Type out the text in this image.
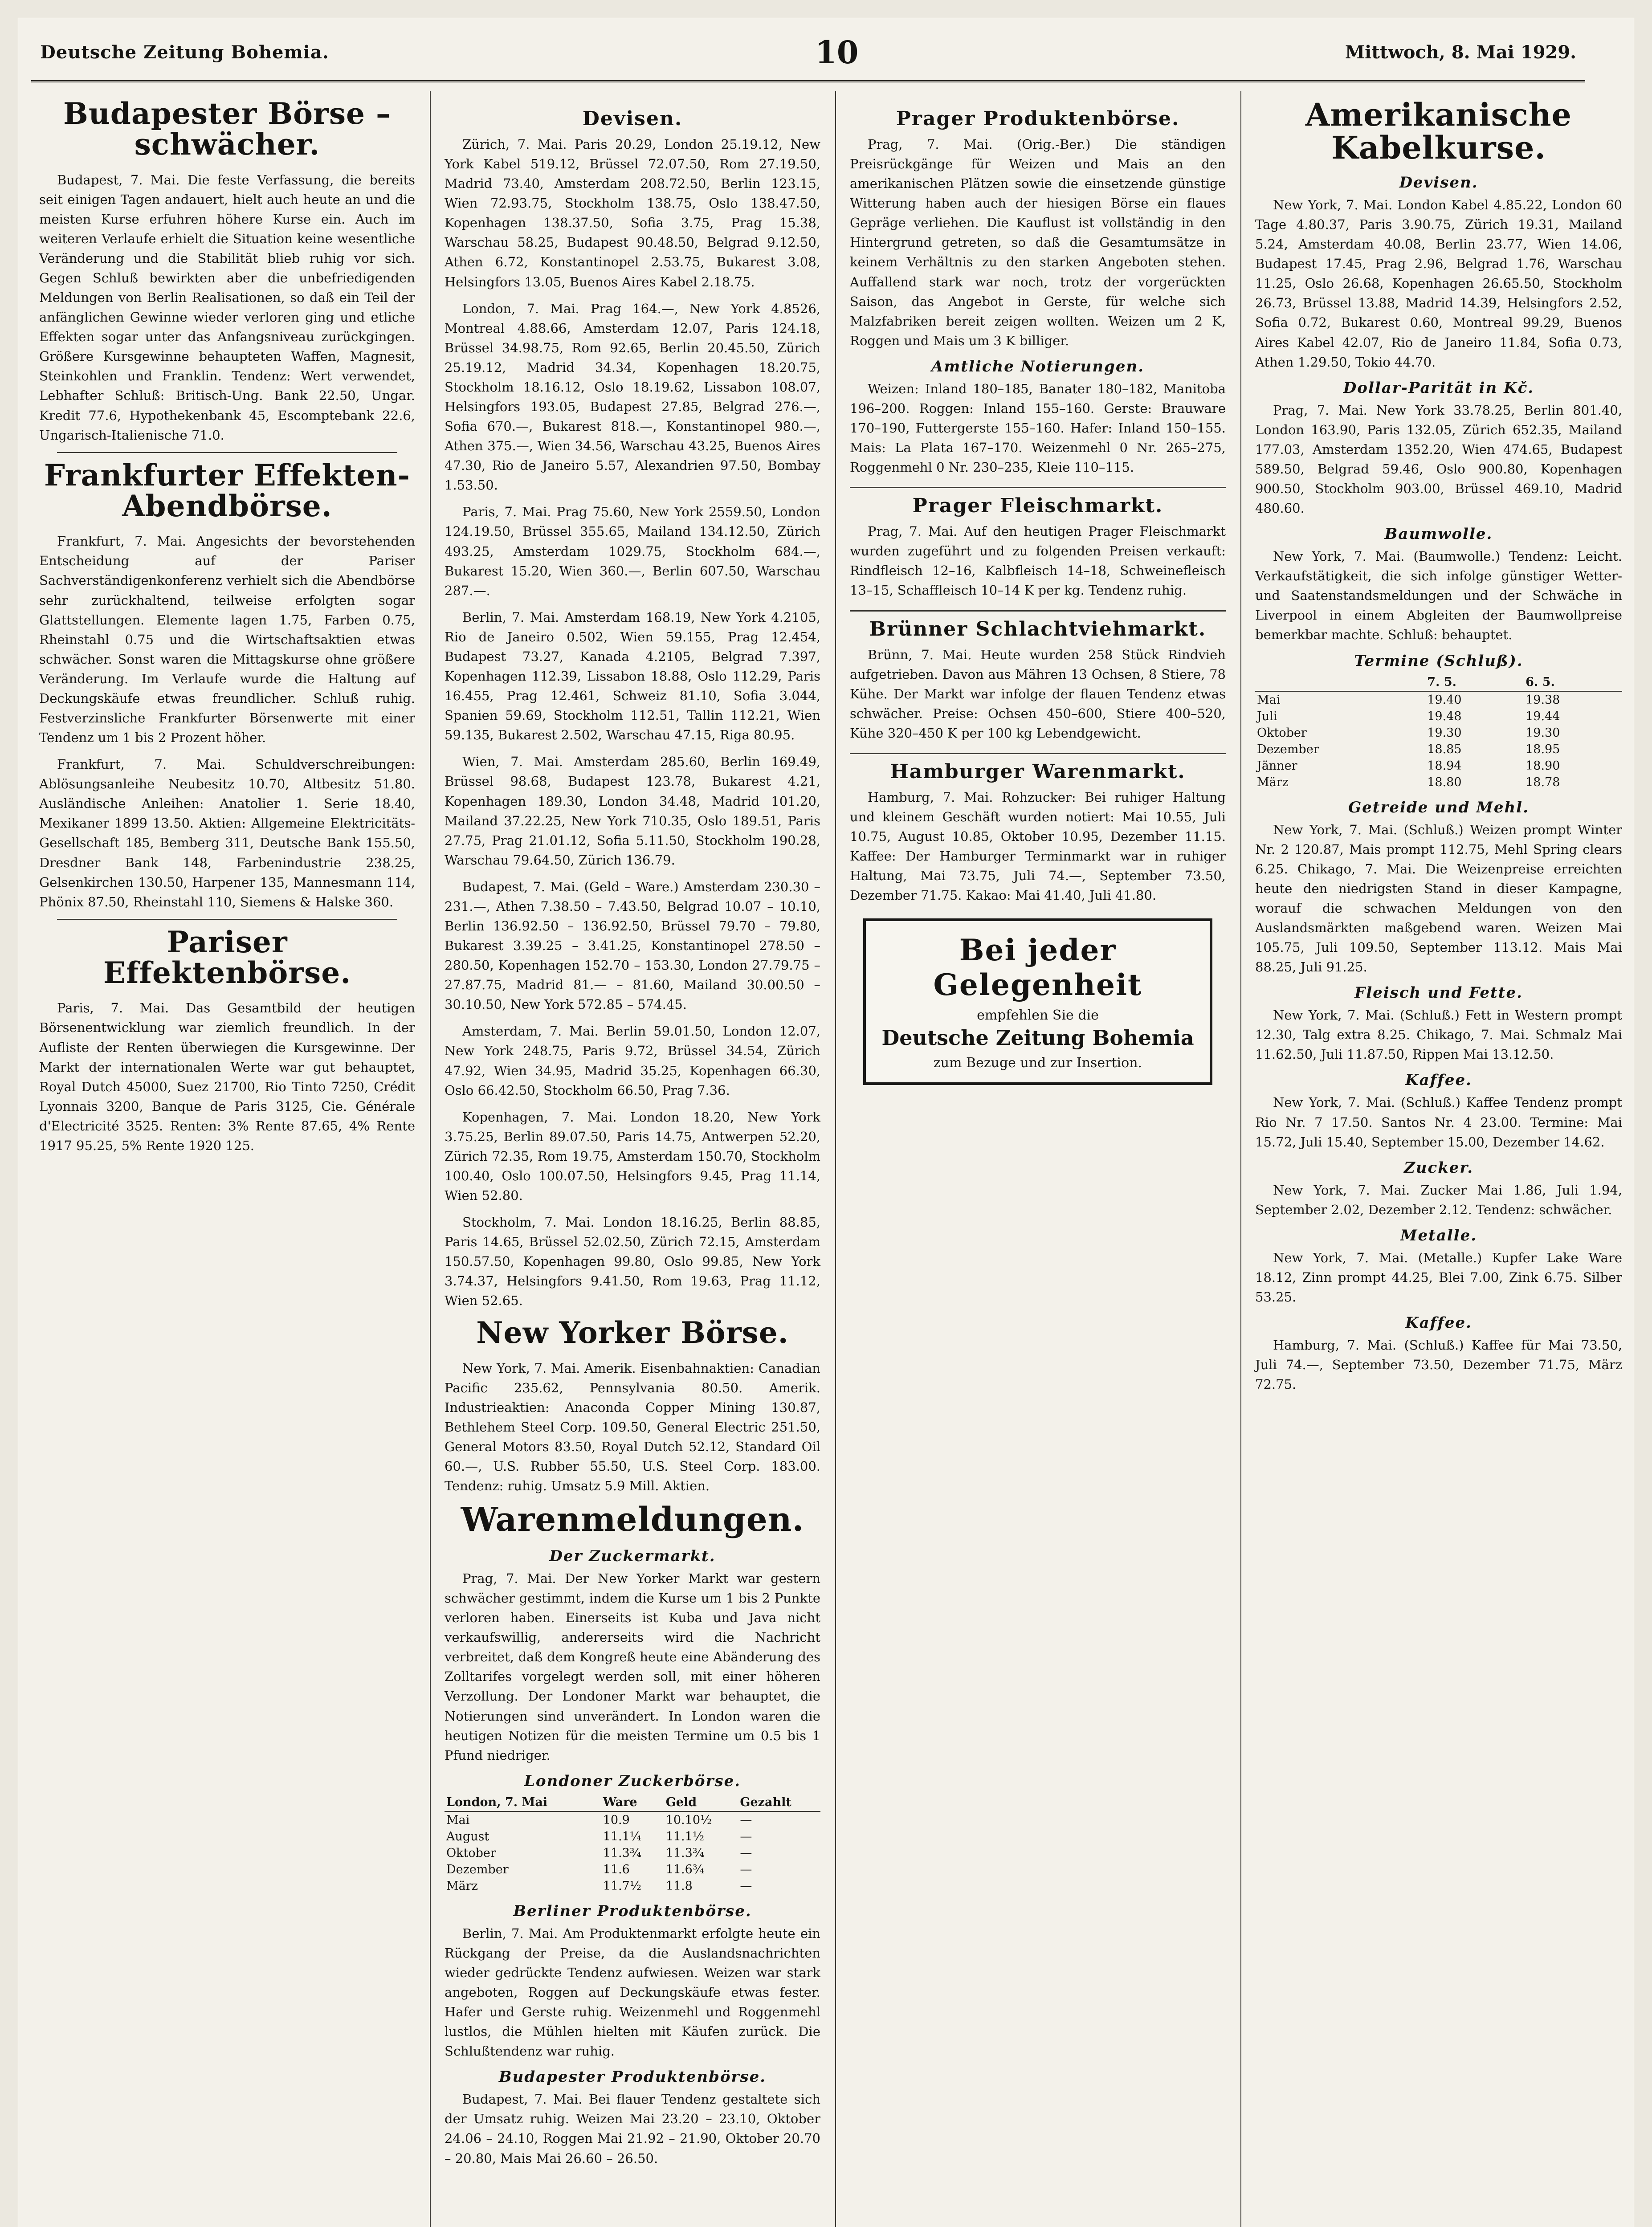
Deutsche Zeitung Bohemia.	10	Mittwoch, 8. Mai 1929.
Budapester Börse – schwächer.

Budapest, 7. Mai. Die feste Verfassung, die bereits seit einigen Tagen andauert, hielt auch heute an und die meisten Kurse erfuhren höhere Kurse ein. Auch im weiteren Verlaufe erhielt die Situation keine wesentliche Veränderung und die Stabilität blieb ruhig vor sich. Gegen Schluß bewirkten aber die unbefriedigenden Meldungen von Berlin Realisationen, so daß ein Teil der anfänglichen Gewinne wieder verloren ging und etliche Effekten sogar unter das Anfangsniveau zurückgingen. Größere Kursgewinne behaupteten Waffen, Magnesit, Steinkohlen und Franklin. Tendenz: Wert verwendet, Lebhafter Schluß: Britisch-Ung. Bank 22.50, Ungar. Kredit 77.6, Hypothekenbank 45, Escomptebank 22.6, Ungarisch-Italienische 71.0.

Frankfurter Effekten-Abendbörse.

Frankfurt, 7. Mai. Angesichts der bevorstehenden Entscheidung auf der Pariser Sachverständigenkonferenz verhielt sich die Abendbörse sehr zurückhaltend, teilweise erfolgten sogar Glattstellungen. Elemente lagen 1.75, Farben 0.75, Rheinstahl 0.75 und die Wirtschaftsaktien etwas schwächer. Sonst waren die Mittagskurse ohne größere Veränderung. Im Verlaufe wurde die Haltung auf Deckungskäufe etwas freundlicher. Schluß ruhig. Festverzinsliche Frankfurter Börsenwerte mit einer Tendenz um 1 bis 2 Prozent höher.

Frankfurt, 7. Mai. Schuldverschreibungen: Ablösungsanleihe Neubesitz 10.70, Altbesitz 51.80. Ausländische Anleihen: Anatolier 1. Serie 18.40, Mexikaner 1899 13.50. Aktien: Allgemeine Elektricitäts-Gesellschaft 185, Bemberg 311, Deutsche Bank 155.50, Dresdner Bank 148, Farbenindustrie 238.25, Gelsenkirchen 130.50, Harpener 135, Mannesmann 114, Phönix 87.50, Rheinstahl 110, Siemens & Halske 360.

Pariser Effektenbörse.

Paris, 7. Mai. Das Gesamtbild der heutigen Börsenentwicklung war ziemlich freundlich. In der Aufliste der Renten überwiegen die Kursgewinne. Der Markt der internationalen Werte war gut behauptet, Royal Dutch 45000, Suez 21700, Rio Tinto 7250, Crédit Lyonnais 3200, Banque de Paris 3125, Cie. Générale d'Electricité 3525. Renten: 3% Rente 87.65, 4% Rente 1917 95.25, 5% Rente 1920 125.

Devisen.

Zürich, 7. Mai. Paris 20.29, London 25.19.12, New York Kabel 519.12, Brüssel 72.07.50, Rom 27.19.50, Madrid 73.40, Amsterdam 208.72.50, Berlin 123.15, Wien 72.93.75, Stockholm 138.75, Oslo 138.47.50, Kopenhagen 138.37.50, Sofia 3.75, Prag 15.38, Warschau 58.25, Budapest 90.48.50, Belgrad 9.12.50, Athen 6.72, Konstantinopel 2.53.75, Bukarest 3.08, Helsingfors 13.05, Buenos Aires Kabel 2.18.75.

London, 7. Mai. Prag 164.—, New York 4.8526, Montreal 4.88.66, Amsterdam 12.07, Paris 124.18, Brüssel 34.98.75, Rom 92.65, Berlin 20.45.50, Zürich 25.19.12, Madrid 34.34, Kopenhagen 18.20.75, Stockholm 18.16.12, Oslo 18.19.62, Lissabon 108.07, Helsingfors 193.05, Budapest 27.85, Belgrad 276.—, Sofia 670.—, Bukarest 818.—, Konstantinopel 980.—, Athen 375.—, Wien 34.56, Warschau 43.25, Buenos Aires 47.30, Rio de Janeiro 5.57, Alexandrien 97.50, Bombay 1.53.50.

Paris, 7. Mai. Prag 75.60, New York 2559.50, London 124.19.50, Brüssel 355.65, Mailand 134.12.50, Zürich 493.25, Amsterdam 1029.75, Stockholm 684.—, Bukarest 15.20, Wien 360.—, Berlin 607.50, Warschau 287.—.

Berlin, 7. Mai. Amsterdam 168.19, New York 4.2105, Rio de Janeiro 0.502, Wien 59.155, Prag 12.454, Budapest 73.27, Kanada 4.2105, Belgrad 7.397, Kopenhagen 112.39, Lissabon 18.88, Oslo 112.29, Paris 16.455, Prag 12.461, Schweiz 81.10, Sofia 3.044, Spanien 59.69, Stockholm 112.51, Tallin 112.21, Wien 59.135, Bukarest 2.502, Warschau 47.15, Riga 80.95.

Wien, 7. Mai. Amsterdam 285.60, Berlin 169.49, Brüssel 98.68, Budapest 123.78, Bukarest 4.21, Kopenhagen 189.30, London 34.48, Madrid 101.20, Mailand 37.22.25, New York 710.35, Oslo 189.51, Paris 27.75, Prag 21.01.12, Sofia 5.11.50, Stockholm 190.28, Warschau 79.64.50, Zürich 136.79.

Budapest, 7. Mai. (Geld – Ware.) Amsterdam 230.30 – 231.—, Athen 7.38.50 – 7.43.50, Belgrad 10.07 – 10.10, Berlin 136.92.50 – 136.92.50, Brüssel 79.70 – 79.80, Bukarest 3.39.25 – 3.41.25, Konstantinopel 278.50 – 280.50, Kopenhagen 152.70 – 153.30, London 27.79.75 – 27.87.75, Madrid 81.— – 81.60, Mailand 30.00.50 – 30.10.50, New York 572.85 – 574.45.

Amsterdam, 7. Mai. Berlin 59.01.50, London 12.07, New York 248.75, Paris 9.72, Brüssel 34.54, Zürich 47.92, Wien 34.95, Madrid 35.25, Kopenhagen 66.30, Oslo 66.42.50, Stockholm 66.50, Prag 7.36.

Kopenhagen, 7. Mai. London 18.20, New York 3.75.25, Berlin 89.07.50, Paris 14.75, Antwerpen 52.20, Zürich 72.35, Rom 19.75, Amsterdam 150.70, Stockholm 100.40, Oslo 100.07.50, Helsingfors 9.45, Prag 11.14, Wien 52.80.

Stockholm, 7. Mai. London 18.16.25, Berlin 88.85, Paris 14.65, Brüssel 52.02.50, Zürich 72.15, Amsterdam 150.57.50, Kopenhagen 99.80, Oslo 99.85, New York 3.74.37, Helsingfors 9.41.50, Rom 19.63, Prag 11.12, Wien 52.65.

New Yorker Börse.

New York, 7. Mai. Amerik. Eisenbahnaktien: Canadian Pacific 235.62, Pennsylvania 80.50. Amerik. Industrieaktien: Anaconda Copper Mining 130.87, Bethlehem Steel Corp. 109.50, General Electric 251.50, General Motors 83.50, Royal Dutch 52.12, Standard Oil 60.—, U.S. Rubber 55.50, U.S. Steel Corp. 183.00. Tendenz: ruhig. Umsatz 5.9 Mill. Aktien.

Warenmeldungen.
Der Zuckermarkt.

Prag, 7. Mai. Der New Yorker Markt war gestern schwächer gestimmt, indem die Kurse um 1 bis 2 Punkte verloren haben. Einerseits ist Kuba und Java nicht verkaufswillig, andererseits wird die Nachricht verbreitet, daß dem Kongreß heute eine Abänderung des Zolltarifes vorgelegt werden soll, mit einer höheren Verzollung. Der Londoner Markt war behauptet, die Notierungen sind unverändert. In London waren die heutigen Notizen für die meisten Termine um 0.5 bis 1 Pfund niedriger.

Londoner Zuckerbörse.
London, 7. Mai	Ware	Geld	Gezahlt
Mai	10.9	10.10½	—
August	11.1¼	11.1½	—
Oktober	11.3¾	11.3¾	—
Dezember	11.6	11.6¾	—
März	11.7½	11.8	—
Berliner Produktenbörse.

Berlin, 7. Mai. Am Produktenmarkt erfolgte heute ein Rückgang der Preise, da die Auslandsnachrichten wieder gedrückte Tendenz aufwiesen. Weizen war stark angeboten, Roggen auf Deckungskäufe etwas fester. Hafer und Gerste ruhig. Weizenmehl und Roggenmehl lustlos, die Mühlen hielten mit Käufen zurück. Die Schlußtendenz war ruhig.

Budapester Produktenbörse.

Budapest, 7. Mai. Bei flauer Tendenz gestaltete sich der Umsatz ruhig. Weizen Mai 23.20 – 23.10, Oktober 24.06 – 24.10, Roggen Mai 21.92 – 21.90, Oktober 20.70 – 20.80, Mais Mai 26.60 – 26.50.

Prager Produktenbörse.

Prag, 7. Mai. (Orig.-Ber.) Die ständigen Preisrückgänge für Weizen und Mais an den amerikanischen Plätzen sowie die einsetzende günstige Witterung haben auch der hiesigen Börse ein flaues Gepräge verliehen. Die Kauflust ist vollständig in den Hintergrund getreten, so daß die Gesamtumsätze in keinem Verhältnis zu den starken Angeboten stehen. Auffallend stark war noch, trotz der vorgerückten Saison, das Angebot in Gerste, für welche sich Malzfabriken bereit zeigen wollten. Weizen um 2 K, Roggen und Mais um 3 K billiger.

Amtliche Notierungen.

Weizen: Inland 180–185, Banater 180–182, Manitoba 196–200. Roggen: Inland 155–160. Gerste: Brauware 170–190, Futtergerste 155–160. Hafer: Inland 150–155. Mais: La Plata 167–170. Weizenmehl 0 Nr. 265–275, Roggenmehl 0 Nr. 230–235, Kleie 110–115.

Prager Fleischmarkt.

Prag, 7. Mai. Auf den heutigen Prager Fleischmarkt wurden zugeführt und zu folgenden Preisen verkauft: Rindfleisch 12–16, Kalbfleisch 14–18, Schweinefleisch 13–15, Schaffleisch 10–14 K per kg. Tendenz ruhig.

Brünner Schlachtviehmarkt.

Brünn, 7. Mai. Heute wurden 258 Stück Rindvieh aufgetrieben. Davon aus Mähren 13 Ochsen, 8 Stiere, 78 Kühe. Der Markt war infolge der flauen Tendenz etwas schwächer. Preise: Ochsen 450–600, Stiere 400–520, Kühe 320–450 K per 100 kg Lebendgewicht.

Hamburger Warenmarkt.

Hamburg, 7. Mai. Rohzucker: Bei ruhiger Haltung und kleinem Geschäft wurden notiert: Mai 10.55, Juli 10.75, August 10.85, Oktober 10.95, Dezember 11.15. Kaffee: Der Hamburger Terminmarkt war in ruhiger Haltung, Mai 73.75, Juli 74.—, September 73.50, Dezember 71.75. Kakao: Mai 41.40, Juli 41.80.

Bei jeder Gelegenheit
empfehlen Sie die
Deutsche Zeitung Bohemia
zum Bezuge und zur Insertion.
Amerikanische Kabelkurse.
Devisen.

New York, 7. Mai. London Kabel 4.85.22, London 60 Tage 4.80.37, Paris 3.90.75, Zürich 19.31, Mailand 5.24, Amsterdam 40.08, Berlin 23.77, Wien 14.06, Budapest 17.45, Prag 2.96, Belgrad 1.76, Warschau 11.25, Oslo 26.68, Kopenhagen 26.65.50, Stockholm 26.73, Brüssel 13.88, Madrid 14.39, Helsingfors 2.52, Sofia 0.72, Bukarest 0.60, Montreal 99.29, Buenos Aires Kabel 42.07, Rio de Janeiro 11.84, Sofia 0.73, Athen 1.29.50, Tokio 44.70.

Dollar-Parität in Kč.

Prag, 7. Mai. New York 33.78.25, Berlin 801.40, London 163.90, Paris 132.05, Zürich 652.35, Mailand 177.03, Amsterdam 1352.20, Wien 474.65, Budapest 589.50, Belgrad 59.46, Oslo 900.80, Kopenhagen 900.50, Stockholm 903.00, Brüssel 469.10, Madrid 480.60.

Baumwolle.

New York, 7. Mai. (Baumwolle.) Tendenz: Leicht. Verkaufstätigkeit, die sich infolge günstiger Wetter- und Saatenstandsmeldungen und der Schwäche in Liverpool in einem Abgleiten der Baumwollpreise bemerkbar machte. Schluß: behauptet.

Termine (Schluß).
	7. 5.	6. 5.
Mai	19.40	19.38
Juli	19.48	19.44
Oktober	19.30	19.30
Dezember	18.85	18.95
Jänner	18.94	18.90
März	18.80	18.78
Getreide und Mehl.

New York, 7. Mai. (Schluß.) Weizen prompt Winter Nr. 2 120.87, Mais prompt 112.75, Mehl Spring clears 6.25. Chikago, 7. Mai. Die Weizenpreise erreichten heute den niedrigsten Stand in dieser Kampagne, worauf die schwachen Meldungen von den Auslandsmärkten maßgebend waren. Weizen Mai 105.75, Juli 109.50, September 113.12. Mais Mai 88.25, Juli 91.25.

Fleisch und Fette.

New York, 7. Mai. (Schluß.) Fett in Western prompt 12.30, Talg extra 8.25. Chikago, 7. Mai. Schmalz Mai 11.62.50, Juli 11.87.50, Rippen Mai 13.12.50.

Kaffee.

New York, 7. Mai. (Schluß.) Kaffee Tendenz prompt Rio Nr. 7 17.50. Santos Nr. 4 23.00. Termine: Mai 15.72, Juli 15.40, September 15.00, Dezember 14.62.

Zucker.

New York, 7. Mai. Zucker Mai 1.86, Juli 1.94, September 2.02, Dezember 2.12. Tendenz: schwächer.

Metalle.

New York, 7. Mai. (Metalle.) Kupfer Lake Ware 18.12, Zinn prompt 44.25, Blei 7.00, Zink 6.75. Silber 53.25.

Kaffee.

Hamburg, 7. Mai. (Schluß.) Kaffee für Mai 73.50, Juli 74.—, September 73.50, Dezember 71.75, März 72.75.
